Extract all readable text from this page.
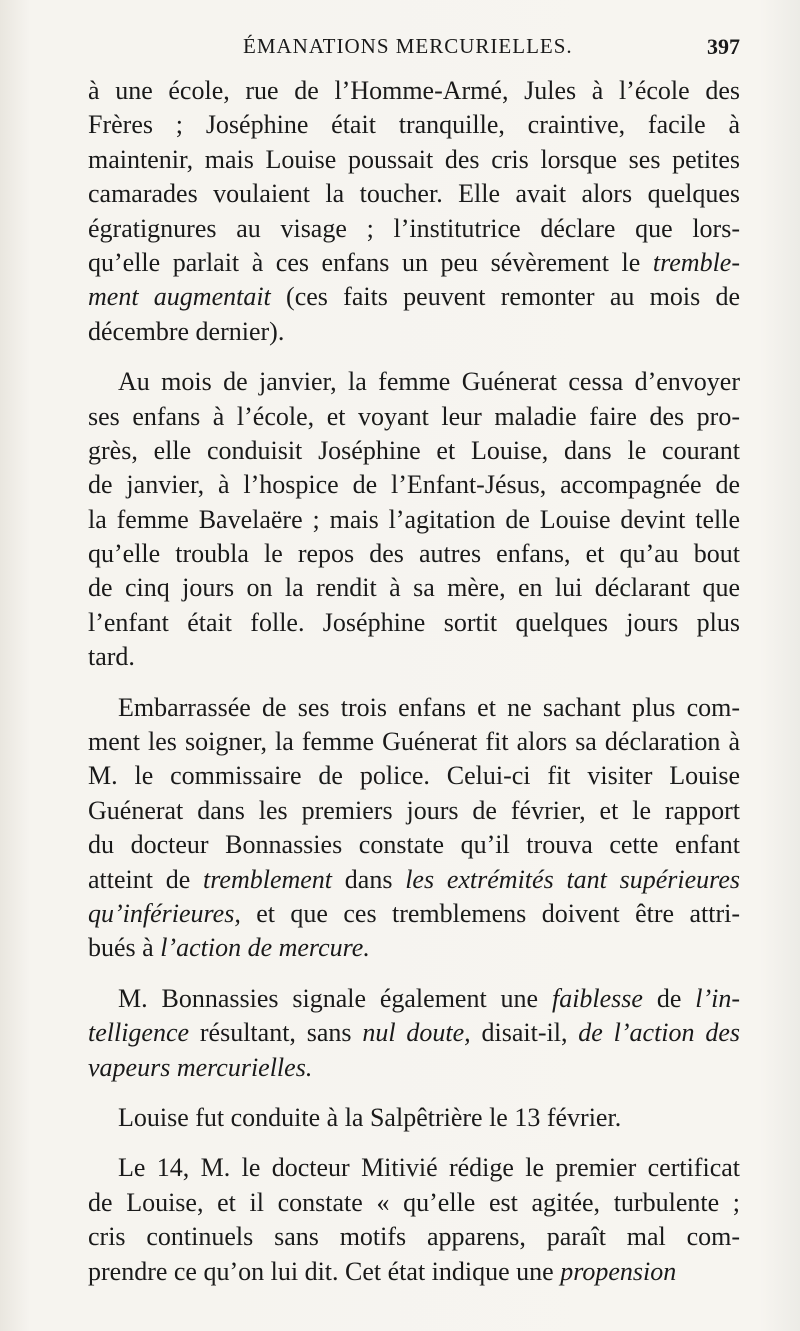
ÉMANATIONS MERCURIELLES.	397
à une école, rue de l’Homme-Armé, Jules à l’école des
Frères ; Joséphine était tranquille, craintive, facile à
maintenir, mais Louise poussait des cris lorsque ses petites
camarades voulaient la toucher. Elle avait alors quelques
égratignures au visage ; l’institutrice déclare que lors-
qu’elle parlait à ces enfans un peu sévèrement le tremble-
ment augmentait (ces faits peuvent remonter au mois de
décembre dernier).
Au mois de janvier, la femme Guénerat cessa d’envoyer
ses enfans à l’école, et voyant leur maladie faire des pro-
grès, elle conduisit Joséphine et Louise, dans le courant
de janvier, à l’hospice de l’Enfant-Jésus, accompagnée de
la femme Bavelaëre ; mais l’agitation de Louise devint telle
qu’elle troubla le repos des autres enfans, et qu’au bout
de cinq jours on la rendit à sa mère, en lui déclarant que
l’enfant était folle. Joséphine sortit quelques jours plus
tard.
Embarrassée de ses trois enfans et ne sachant plus com-
ment les soigner, la femme Guénerat fit alors sa déclaration à
M. le commissaire de police. Celui-ci fit visiter Louise
Guénerat dans les premiers jours de février, et le rapport
du docteur Bonnassies constate qu’il trouva cette enfant
atteint de tremblement dans les extrémités tant supérieures
qu’inférieures, et que ces tremblemens doivent être attri-
bués à l’action de mercure.
M. Bonnassies signale également une faiblesse de l’in-
telligence résultant, sans nul doute, disait-il, de l’action des
vapeurs mercurielles.
Louise fut conduite à la Salpêtrière le 13 février.
Le 14, M. le docteur Mitivié rédige le premier certificat
de Louise, et il constate « qu’elle est agitée, turbulente ;
cris continuels sans motifs apparens, paraît mal com-
prendre ce qu’on lui dit. Cet état indique une propension
